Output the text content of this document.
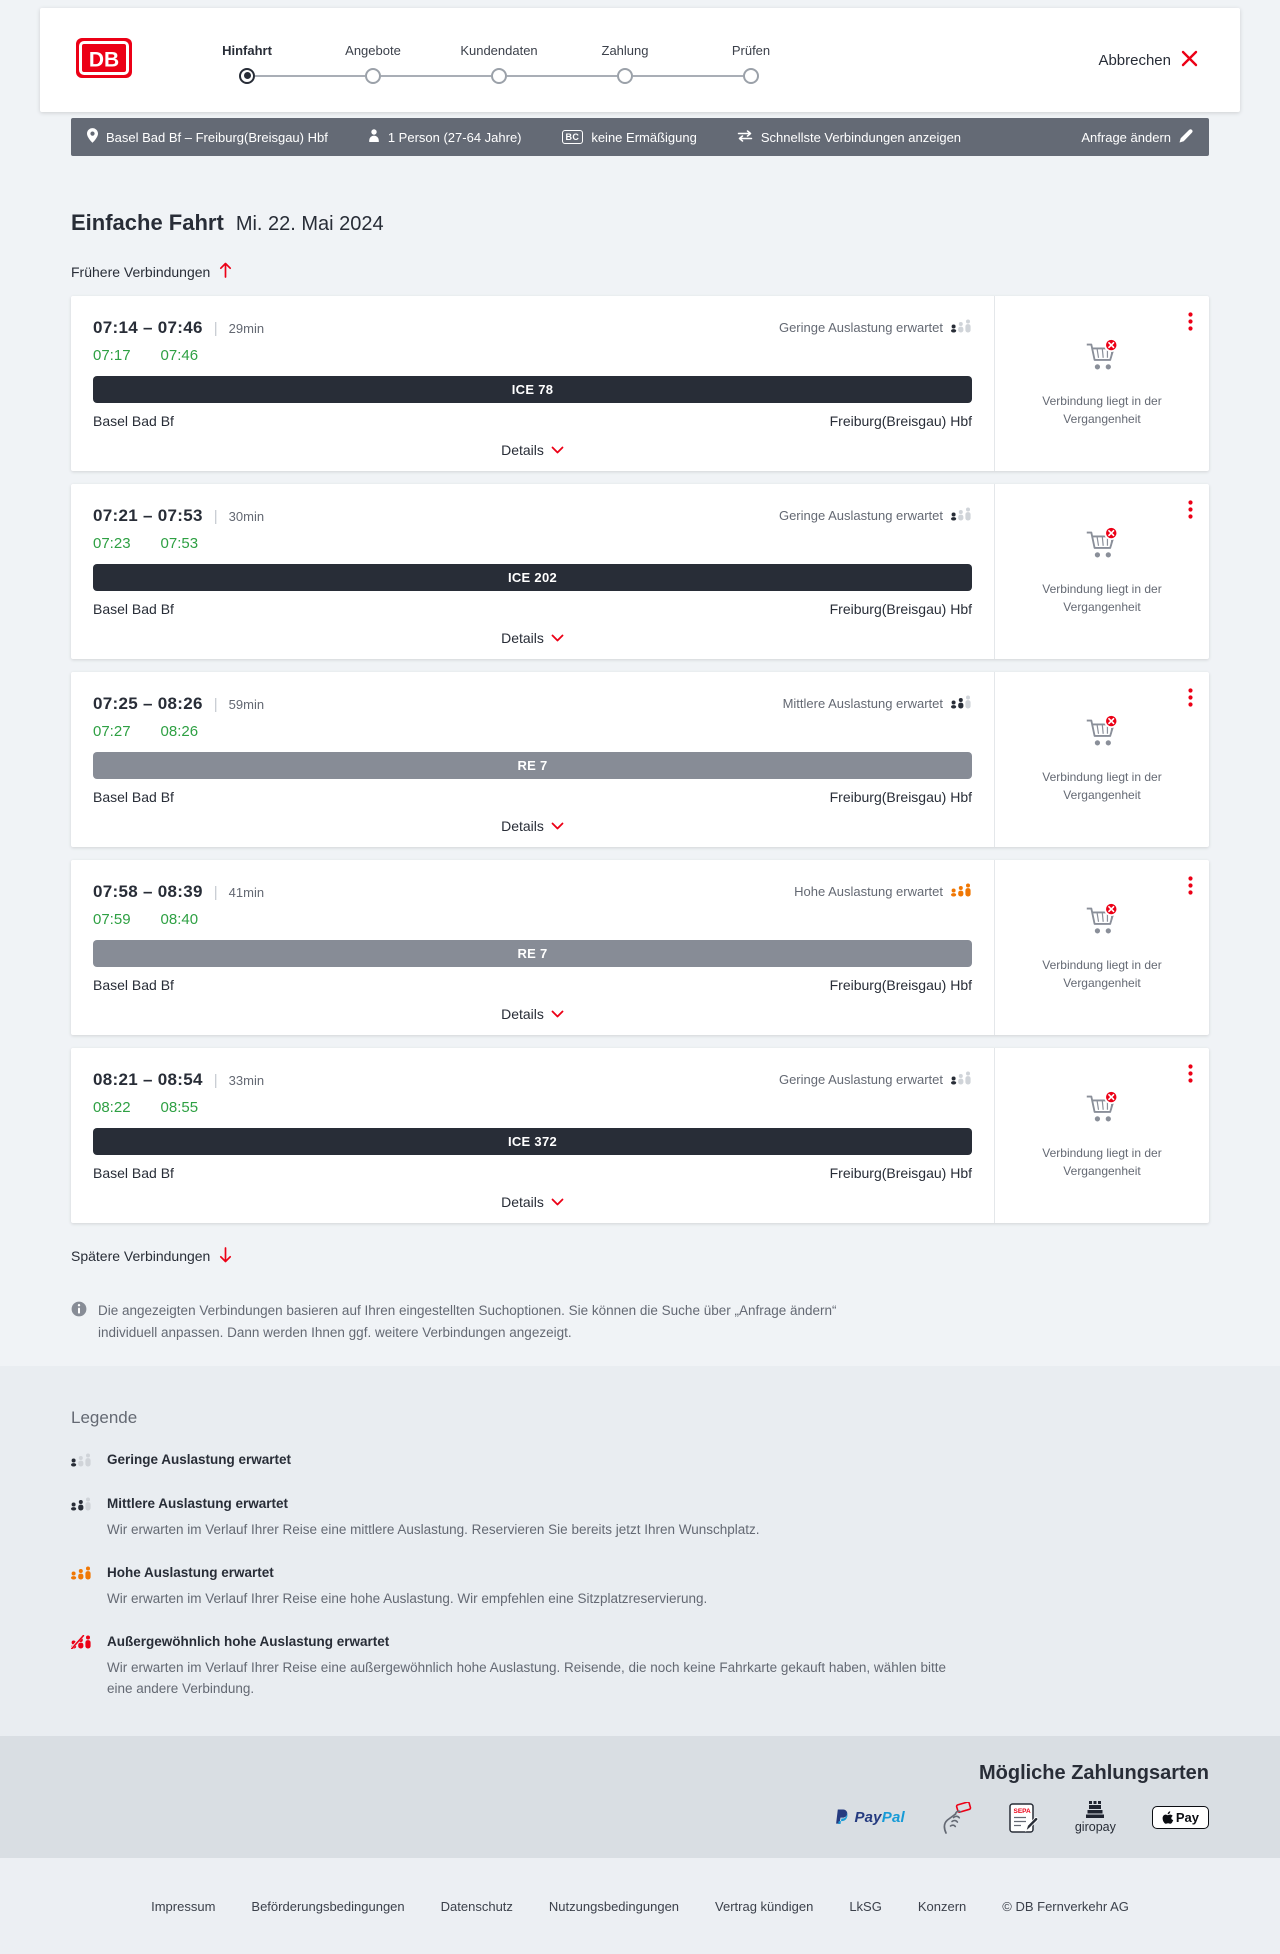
DB	Hinfahrt	Angebote	Kundendaten	Zahlung	Prüfen
Abbrechen
Basel Bad Bf – Freiburg(Breisgau) Hbf	1 Person (27-64 Jahre)	BC keine Ermäßigung	Schnellste Verbindungen anzeigen	Anfrage ändern
Einfache Fahrt Mi. 22. Mai 2024
Frühere Verbindungen
07:14 – 07:46 | 29min	Geringe Auslastung erwartet
07:17 07:46
ICE 78
Basel Bad Bf	Freiburg(Breisgau) Hbf
Details
Verbindung liegt in der Vergangenheit
07:21 – 07:53 | 30min	Geringe Auslastung erwartet
07:23 07:53
ICE 202
Basel Bad Bf	Freiburg(Breisgau) Hbf
Details
Verbindung liegt in der Vergangenheit
07:25 – 08:26 | 59min	Mittlere Auslastung erwartet
07:27 08:26
RE 7
Basel Bad Bf	Freiburg(Breisgau) Hbf
Details
Verbindung liegt in der Vergangenheit
07:58 – 08:39 | 41min	Hohe Auslastung erwartet
07:59 08:40
RE 7
Basel Bad Bf	Freiburg(Breisgau) Hbf
Details
Verbindung liegt in der Vergangenheit
08:21 – 08:54 | 33min	Geringe Auslastung erwartet
08:22 08:55
ICE 372
Basel Bad Bf	Freiburg(Breisgau) Hbf
Details
Verbindung liegt in der Vergangenheit
Spätere Verbindungen
Die angezeigten Verbindungen basieren auf Ihren eingestellten Suchoptionen. Sie können die Suche über „Anfrage ändern“ individuell anpassen. Dann werden Ihnen ggf. weitere Verbindungen angezeigt.
Legende
Geringe Auslastung erwartet
Mittlere Auslastung erwartet
Wir erwarten im Verlauf Ihrer Reise eine mittlere Auslastung. Reservieren Sie bereits jetzt Ihren Wunschplatz.
Hohe Auslastung erwartet
Wir erwarten im Verlauf Ihrer Reise eine hohe Auslastung. Wir empfehlen eine Sitzplatzreservierung.
Außergewöhnlich hohe Auslastung erwartet
Wir erwarten im Verlauf Ihrer Reise eine außergewöhnlich hohe Auslastung. Reisende, die noch keine Fahrkarte gekauft haben, wählen bitte eine andere Verbindung.
Mögliche Zahlungsarten
PayPal	SEPA
giropay
Pay
Impressum	Beförderungsbedingungen	Datenschutz	Nutzungsbedingungen	Vertrag kündigen	LkSG	Konzern	© DB Fernverkehr AG
